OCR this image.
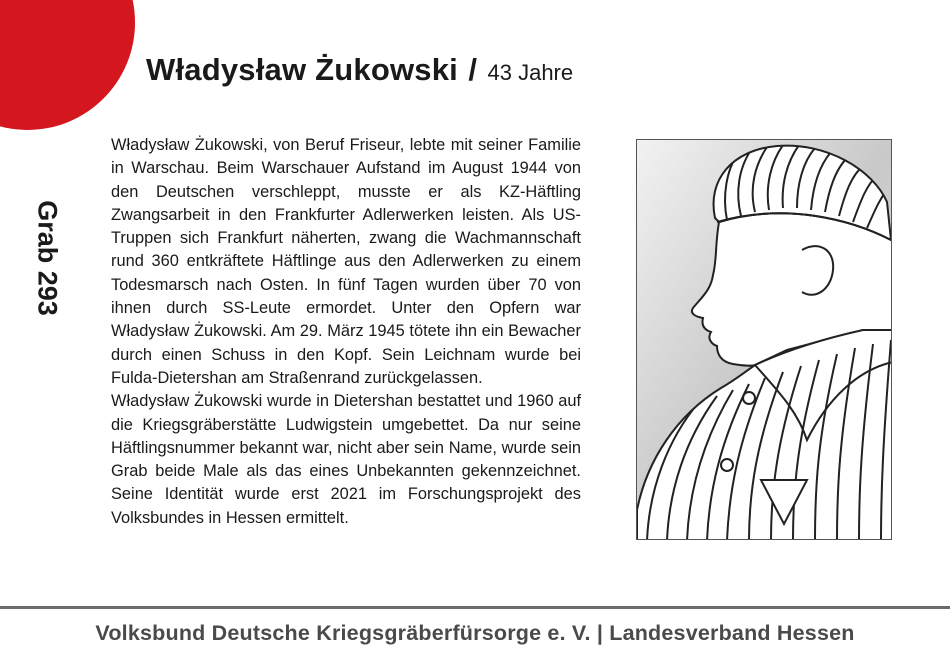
Władysław Żukowski / 43 Jahre
Grab 293

Władysław Żukowski, von Beruf Friseur, lebte mit seiner Familie in Warschau. Beim Warschauer Aufstand im August 1944 von den Deutschen verschleppt, musste er als KZ-Häftling Zwangsarbeit in den Frankfurter Adlerwerken leisten. Als US-Truppen sich Frankfurt näherten, zwang die Wachmannschaft rund 360 entkräftete Häftlinge aus den Adlerwerken zu einem Todesmarsch nach Osten. In fünf Tagen wurden über 70 von ihnen durch SS-Leute ermordet. Unter den Opfern war Władysław Żukowski. Am 29. März 1945 tötete ihn ein Bewacher durch einen Schuss in den Kopf. Sein Leichnam wurde bei Fulda-Dietershan am Straßenrand zurückgelassen.

Władysław Żukowski wurde in Dietershan bestattet und 1960 auf die Kriegsgräberstätte Ludwigstein umgebettet. Da nur seine Häftlingsnummer bekannt war, nicht aber sein Name, wurde sein Grab beide Male als das eines Unbekannten gekennzeichnet. Seine Identität wurde erst 2021 im Forschungsprojekt des Volksbundes in Hessen ermittelt.

Volksbund Deutsche Kriegsgräberfürsorge e. V. | Landesverband Hessen
